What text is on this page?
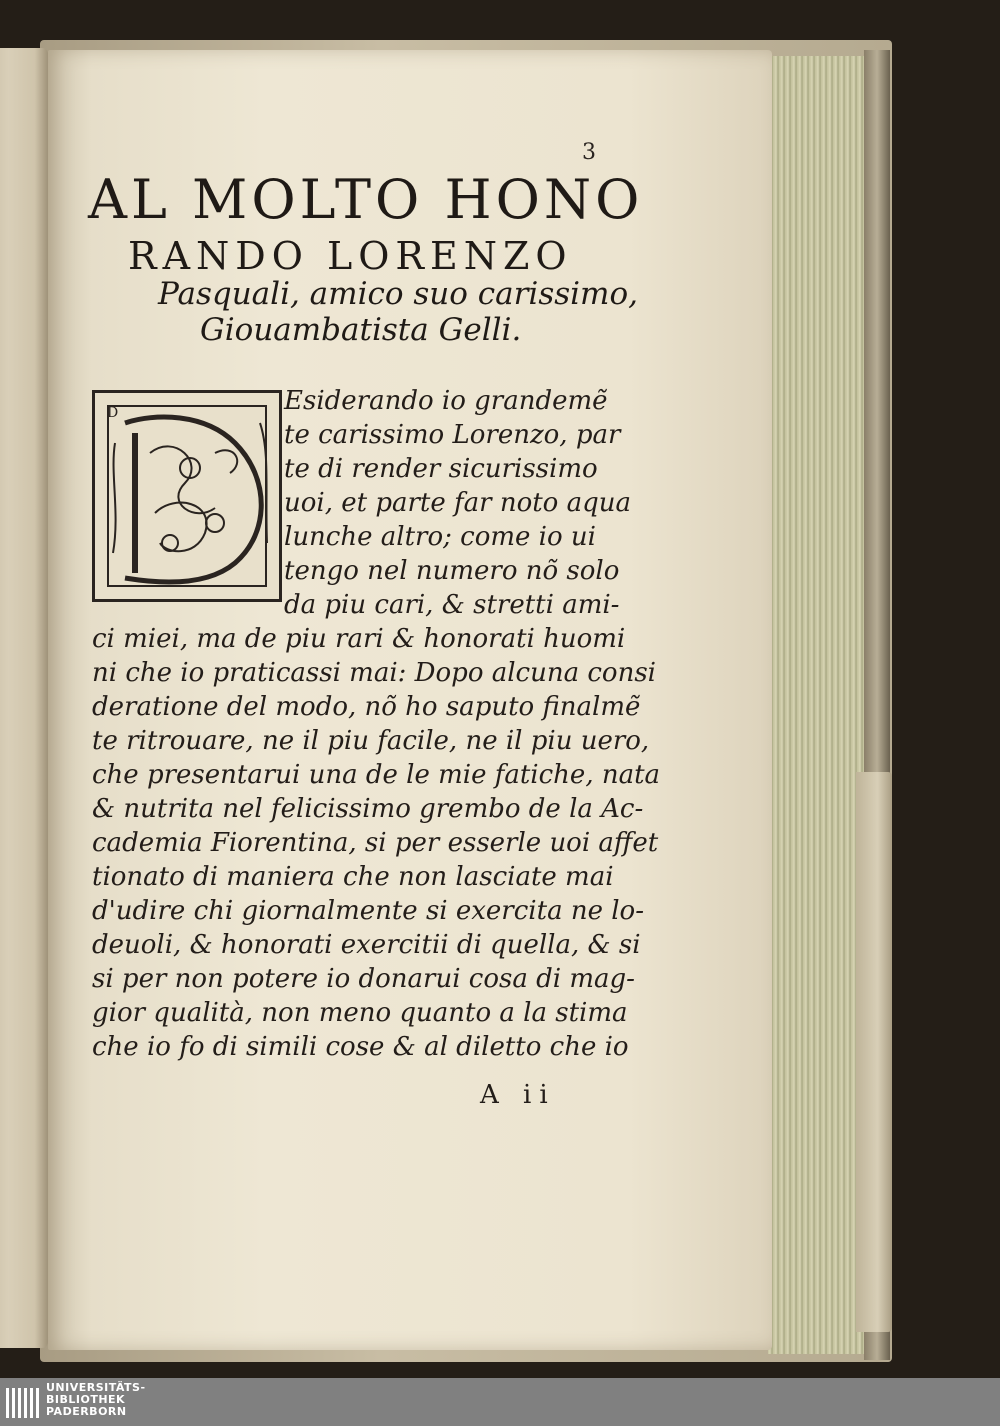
3
AL MOLTO HONO
RANDO LORENZO
Pasquali, amico suo carissimo,
Giouambatista Gelli.
D	Esiderando io grandemẽ
te carissimo Lorenzo, par
te di render sicurissimo
uoi, et parte far noto aqua
lunche altro; come io ui
tengo nel numero nõ solo
da piu cari, & stretti ami-
ci miei, ma de piu rari & honorati huomi
ni che io praticassi mai: Dopo alcuna consi
deratione del modo, nõ ho saputo finalmẽ
te ritrouare, ne il piu facile, ne il piu uero,
che presentarui una de le mie fatiche, nata
& nutrita nel felicissimo grembo de la Ac-
cademia Fiorentina, si per esserle uoi affet
tionato di maniera che non lasciate mai
d'udire chi giornalmente si exercita ne lo-
deuoli, & honorati exercitii di quella, & si
si per non potere io donarui cosa di mag-
gior qualità, non meno quanto a la stima
che io fo di simili cose & al diletto che io
A ii
UNIVERSITÄTS-
BIBLIOTHEK
PADERBORN
